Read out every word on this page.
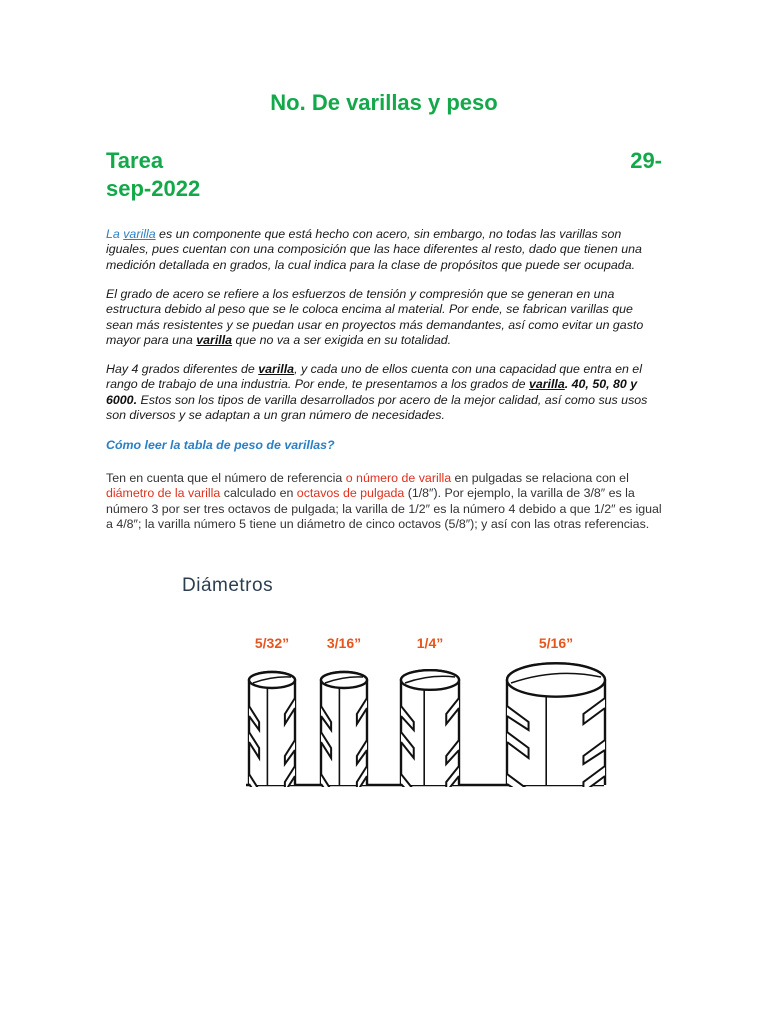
No. De varillas y peso
Tarea	29-
sep-2022
La varilla es un componente que está hecho con acero, sin embargo, no todas las varillas son iguales, pues cuentan con una composición que las hace diferentes al resto, dado que tienen una medición detallada en grados, la cual indica para la clase de propósitos que puede ser ocupada.
El grado de acero se refiere a los esfuerzos de tensión y compresión que se generan en una estructura debido al peso que se le coloca encima al material. Por ende, se fabrican varillas que sean más resistentes y se puedan usar en proyectos más demandantes, así como evitar un gasto mayor para una varilla que no va a ser exigida en su totalidad.
Hay 4 grados diferentes de varilla, y cada uno de ellos cuenta con una capacidad que entra en el rango de trabajo de una industria. Por ende, te presentamos a los grados de varilla. 40, 50, 80 y 6000. Estos son los tipos de varilla desarrollados por acero de la mejor calidad, así como sus usos son diversos y se adaptan a un gran número de necesidades.
Cómo leer la tabla de peso de varillas?
Ten en cuenta que el número de referencia o número de varilla en pulgadas se relaciona con el diámetro de la varilla calculado en octavos de pulgada (1/8″). Por ejemplo, la varilla de 3/8″ es la número 3 por ser tres octavos de pulgada; la varilla de 1/2″ es la número 4 debido a que 1/2″ es igual a 4/8″; la varilla número 5 tiene un diámetro de cinco octavos (5/8″); y así con las otras referencias.
Diámetros
5/32”	3/16”	1/4”	5/16”
